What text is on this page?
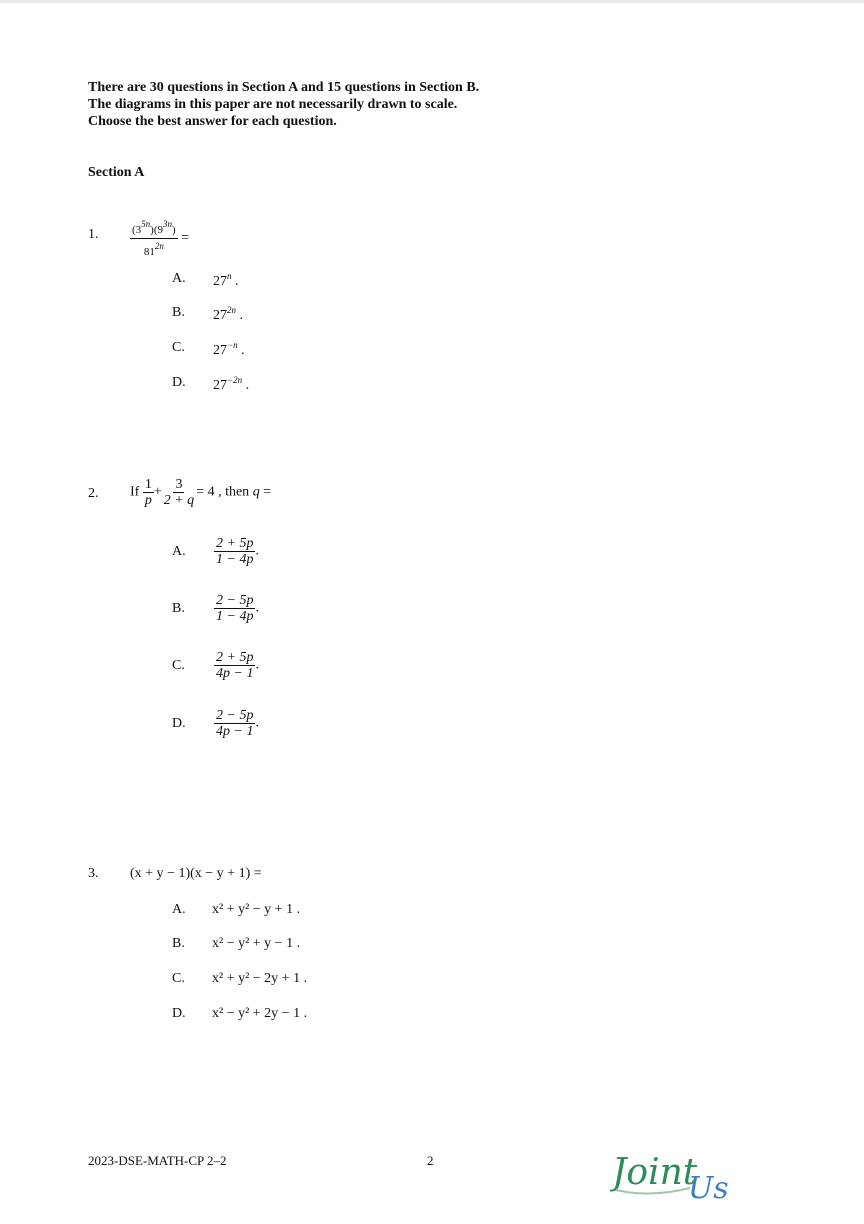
There are 30 questions in Section A and 15 questions in Section B.
The diagrams in this paper are not necessarily drawn to scale.
Choose the best answer for each question.
Section A
1.	$\frac{(3^{5n})(9^{3n})}{81^{2n}}$ =
A. 27$^n$ .
B. $27^{2n}$ .
C. $27^{-n}$ .
D. $27^{-2n}$ .
2. If $\frac{1}{p} + \frac{3}{2 + q} = 4$ , then q =
A. $\frac{2 + 5p}{1 - 4p}$ .
B. $\frac{2 - 5p}{1 - 4p}$ .
C. $\frac{2 + 5p}{4p - 1}$ .
D. $\frac{2 - 5p}{4p - 1}$ .
3. (x + y − 1)(x − y + 1) =
A. x² + y² − y + 1 .
B. x² − y² + y − 1 .
C. x² + y² − 2y + 1 .
D. x² − y² + 2y − 1 .
2023-DSE-MATH-CP 2–2	2	Joint
Us
